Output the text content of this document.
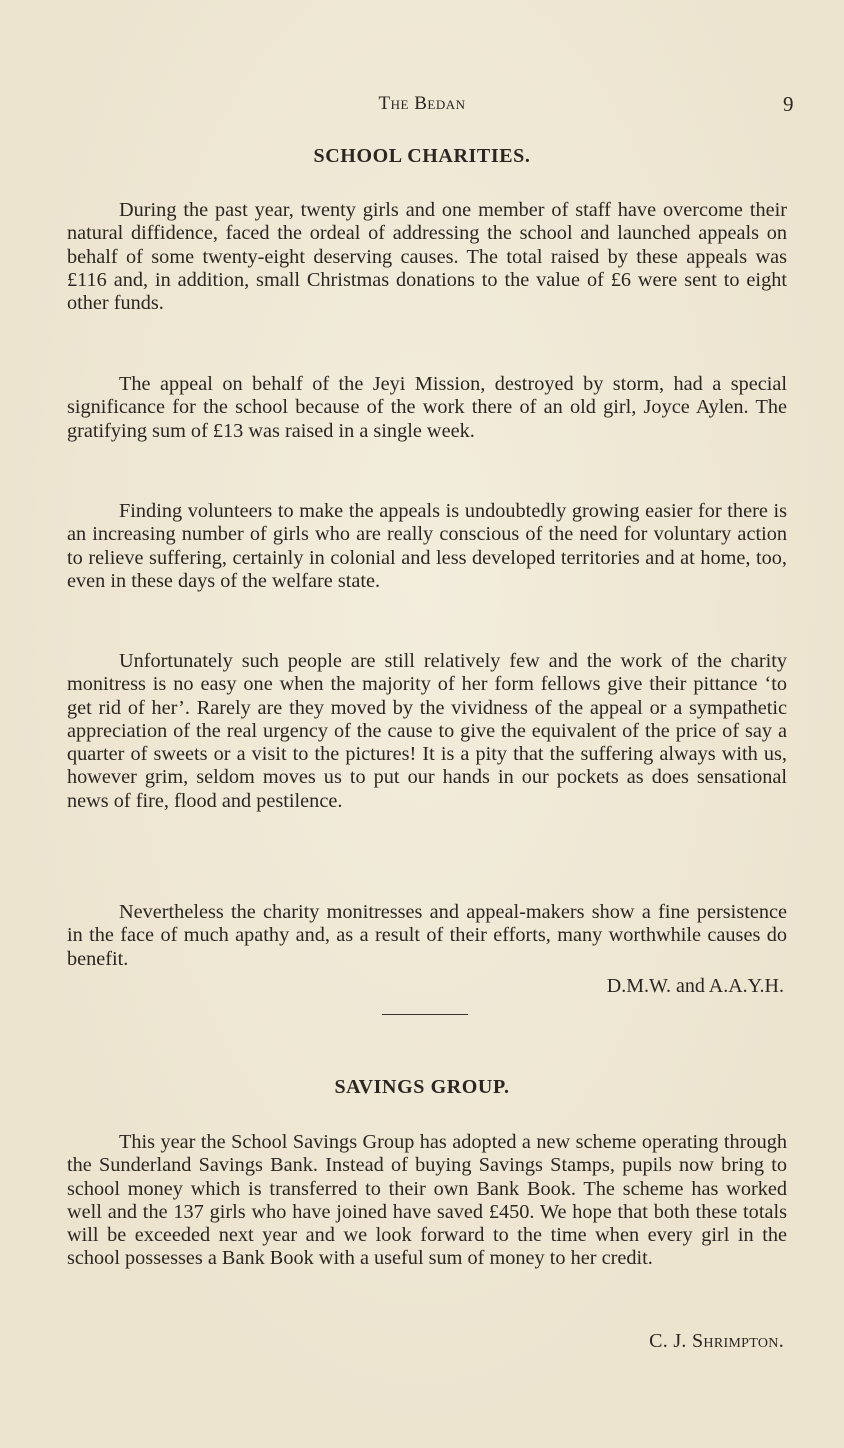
The Bedan	9
SCHOOL CHARITIES.

During the past year, twenty girls and one member of staff have overcome their natural diffidence, faced the ordeal of addressing the school and launched appeals on behalf of some twenty-eight deserving causes. The total raised by these appeals was £116 and, in addition, small Christmas donations to the value of £6 were sent to eight other funds.

The appeal on behalf of the Jeyi Mission, destroyed by storm, had a special significance for the school because of the work there of an old girl, Joyce Aylen. The gratifying sum of £13 was raised in a single week.

Finding volunteers to make the appeals is undoubtedly growing easier for there is an increasing number of girls who are really conscious of the need for voluntary action to relieve suffering, certainly in colonial and less developed territories and at home, too, even in these days of the welfare state.

Unfortunately such people are still relatively few and the work of the charity monitress is no easy one when the majority of her form fellows give their pittance ‘to get rid of her’. Rarely are they moved by the vividness of the appeal or a sympathetic appreciation of the real urgency of the cause to give the equivalent of the price of say a quarter of sweets or a visit to the pictures! It is a pity that the suffering always with us, however grim, seldom moves us to put our hands in our pockets as does sensational news of fire, flood and pestilence.

Nevertheless the charity monitresses and appeal-makers show a fine persistence in the face of much apathy and, as a result of their efforts, many worthwhile causes do benefit.

D.M.W. and A.A.Y.H.
SAVINGS GROUP.

This year the School Savings Group has adopted a new scheme operating through the Sunderland Savings Bank. Instead of buying Savings Stamps, pupils now bring to school money which is transferred to their own Bank Book. The scheme has worked well and the 137 girls who have joined have saved £450. We hope that both these totals will be exceeded next year and we look forward to the time when every girl in the school possesses a Bank Book with a useful sum of money to her credit.

C. J. Shrimpton.
